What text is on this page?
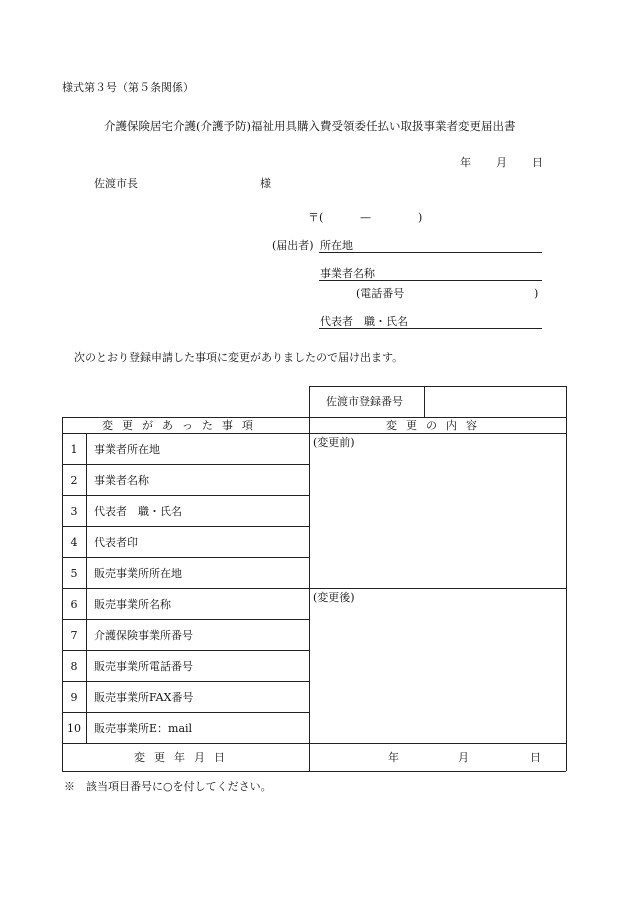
様式第３号（第５条関係）
介護保険居宅介護(介護予防)福祉用具購入費受領委任払い取扱事業者変更届出書
年 月 日
佐渡市長	様
〒(	—	)
(届出者) 所在地
事業者名称
(電話番号	)
代表者　職・氏名
次のとおり登録申請した事項に変更がありましたので届け出ます。
佐渡市登録番号
変更があった事項	変更の内容
(変更前)
(変更後)
1	事業者所在地
2	事業者名称
3	代表者　職・氏名
4	代表者印
5	販売事業所所在地
6	販売事業所名称
7	介護保険事業所番号
8	販売事業所電話番号
9	販売事業所FAX番号
10	販売事業所E：mail
変更年月日	年	月	日
※　該当項目番号に○を付してください。
